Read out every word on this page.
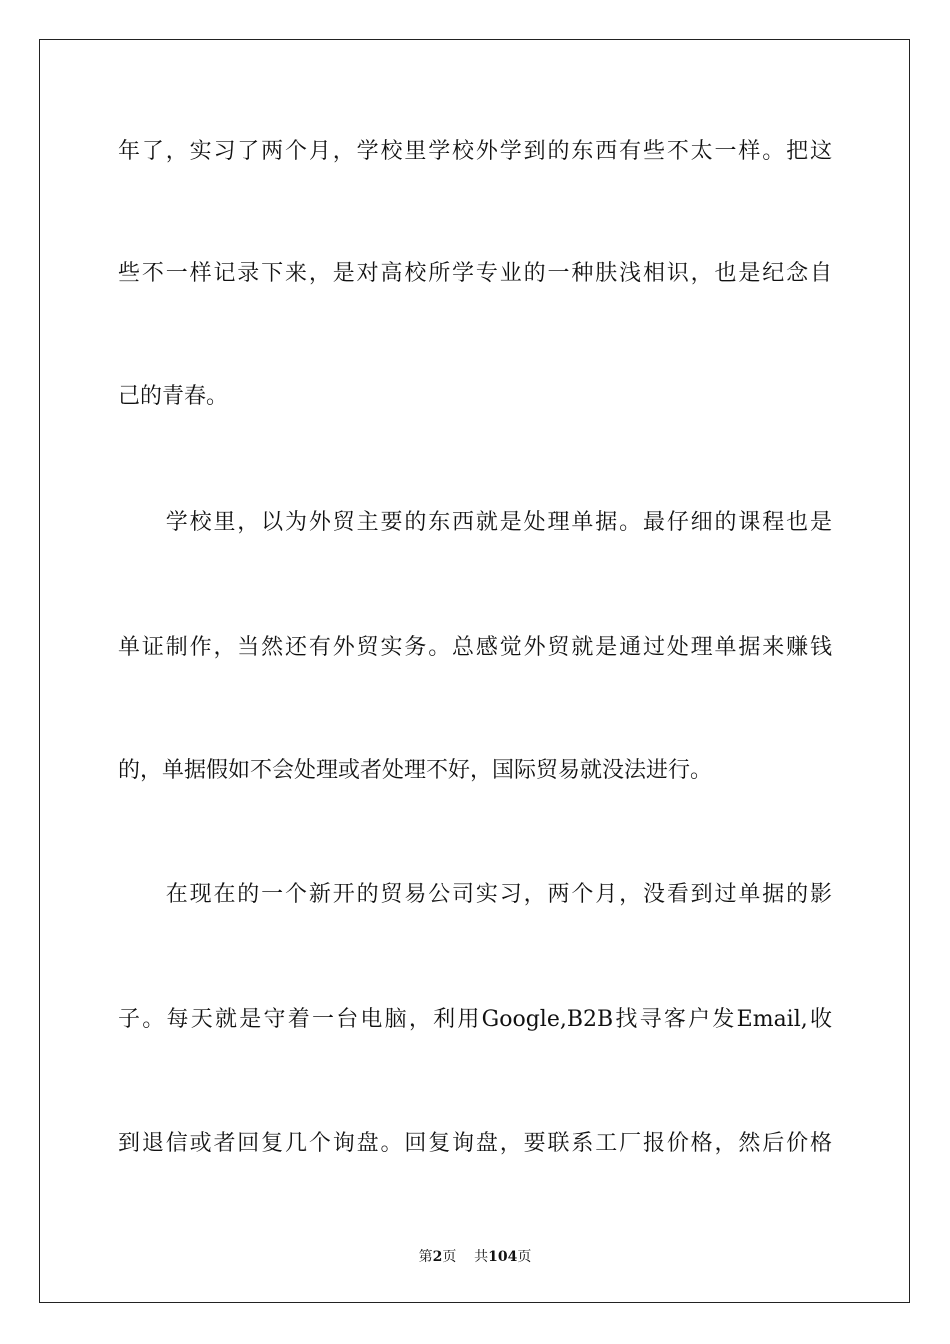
年了，实习了两个月，学校里学校外学到的东西有些不太一样。把这
些不一样记录下来，是对高校所学专业的一种肤浅相识，也是纪念自
己的青春。
　　学校里，以为外贸主要的东西就是处理单据。最仔细的课程也是
单证制作，当然还有外贸实务。总感觉外贸就是通过处理单据来赚钱
的，单据假如不会处理或者处理不好，国际贸易就没法进行。
　　在现在的一个新开的贸易公司实习，两个月，没看到过单据的影
子。每天就是守着一台电脑，利用Google,B2B找寻客户发Email,收
到退信或者回复几个询盘。回复询盘，要联系工厂报价格，然后价格
第2页 共104页
